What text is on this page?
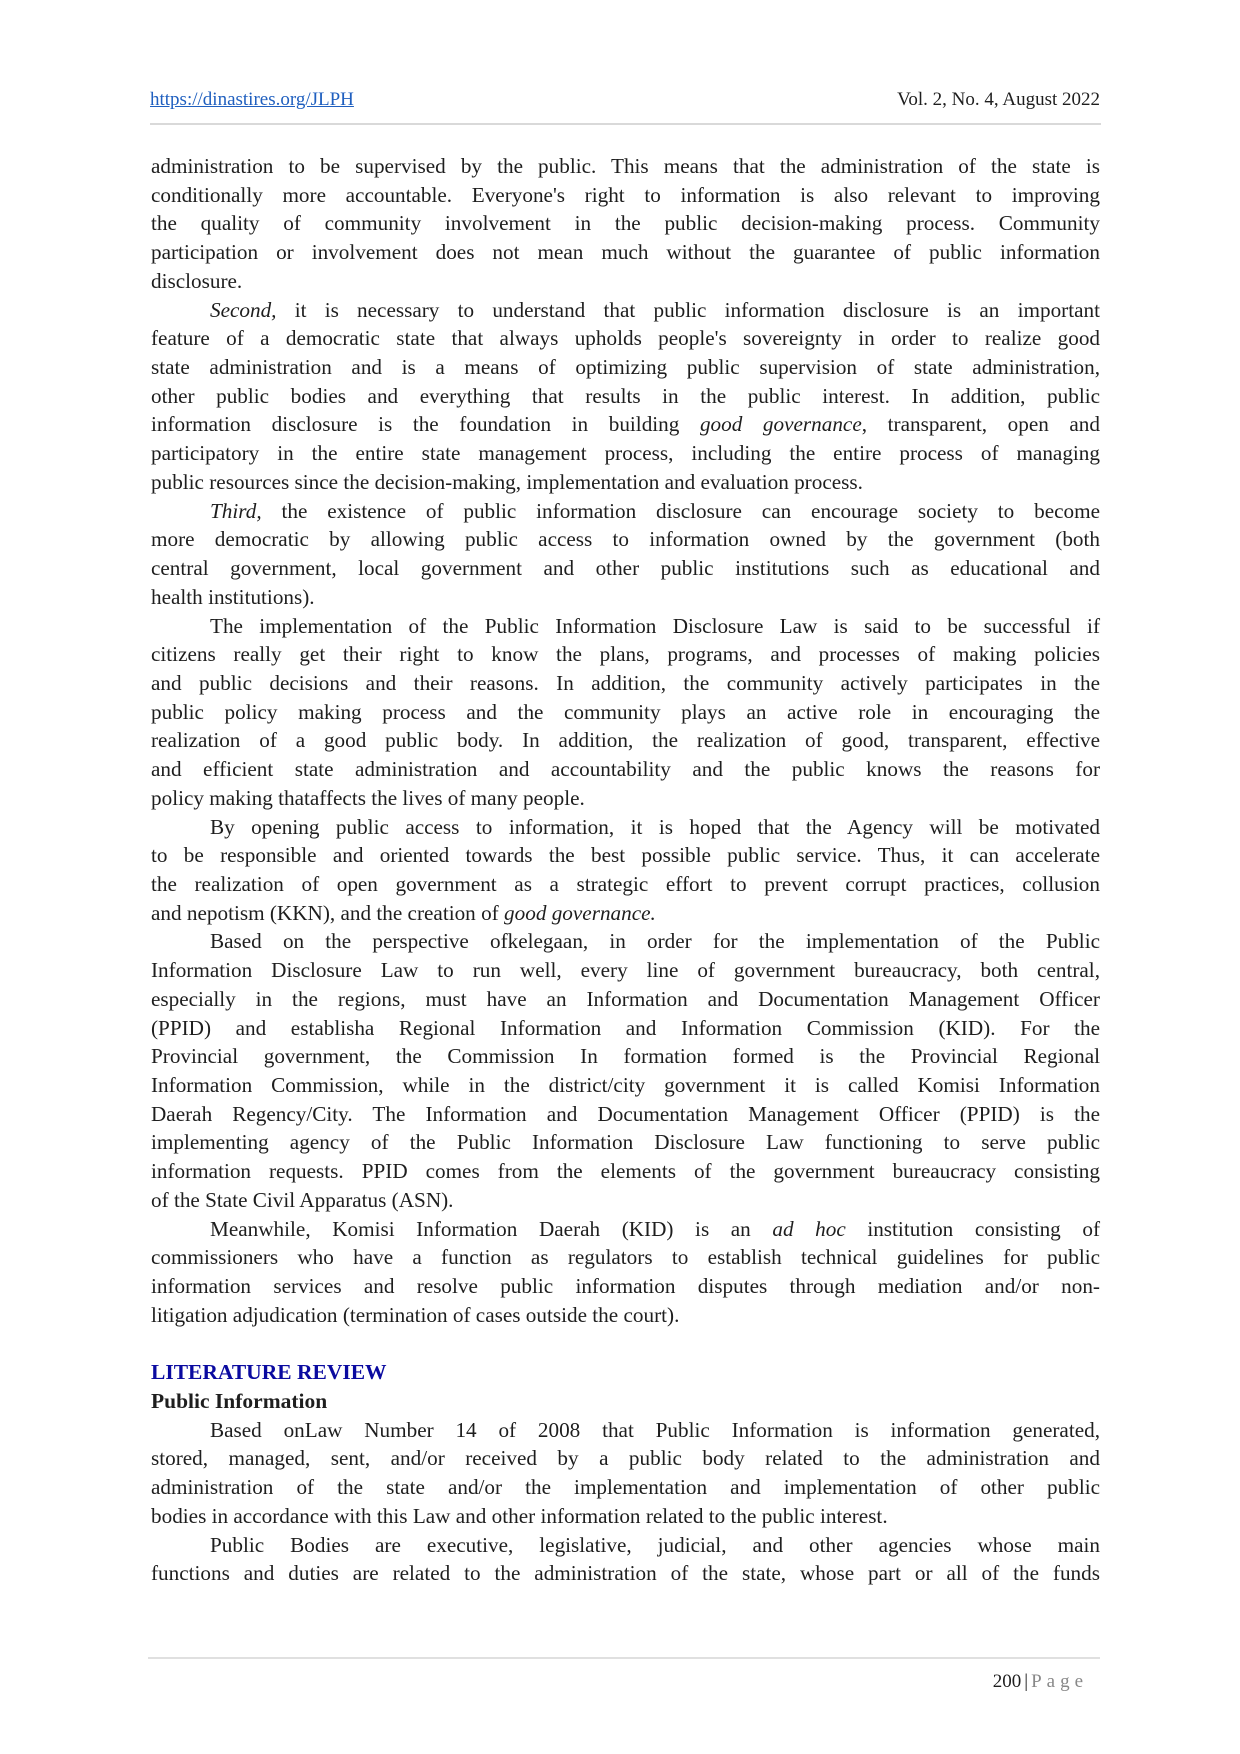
https://dinastires.org/JLPH	Vol. 2, No. 4, August 2022
administration to be supervised by the public. This means that the administration of the state is
conditionally more accountable. Everyone's right to information is also relevant to improving
the quality of community involvement in the public decision-making process. Community
participation or involvement does not mean much without the guarantee of public information
disclosure.
Second, it is necessary to understand that public information disclosure is an important
feature of a democratic state that always upholds people's sovereignty in order to realize good
state administration and is a means of optimizing public supervision of state administration,
other public bodies and everything that results in the public interest. In addition, public
information disclosure is the foundation in building good governance, transparent, open and
participatory in the entire state management process, including the entire process of managing
public resources since the decision-making, implementation and evaluation process.
Third, the existence of public information disclosure can encourage society to become
more democratic by allowing public access to information owned by the government (both
central government, local government and other public institutions such as educational and
health institutions).
The implementation of the Public Information Disclosure Law is said to be successful if
citizens really get their right to know the plans, programs, and processes of making policies
and public decisions and their reasons. In addition, the community actively participates in the
public policy making process and the community plays an active role in encouraging the
realization of a good public body. In addition, the realization of good, transparent, effective
and efficient state administration and accountability and the public knows the reasons for
policy making thataffects the lives of many people.
By opening public access to information, it is hoped that the Agency will be motivated
to be responsible and oriented towards the best possible public service. Thus, it can accelerate
the realization of open government as a strategic effort to prevent corrupt practices, collusion
and nepotism (KKN), and the creation of good governance.
Based on the perspective ofkelegaan, in order for the implementation of the Public
Information Disclosure Law to run well, every line of government bureaucracy, both central,
especially in the regions, must have an Information and Documentation Management Officer
(PPID) and establisha Regional Information and Information Commission (KID). For the
Provincial government, the Commission In formation formed is the Provincial Regional
Information Commission, while in the district/city government it is called Komisi Information
Daerah Regency/City. The Information and Documentation Management Officer (PPID) is the
implementing agency of the Public Information Disclosure Law functioning to serve public
information requests. PPID comes from the elements of the government bureaucracy consisting
of the State Civil Apparatus (ASN).
Meanwhile, Komisi Information Daerah (KID) is an ad hoc institution consisting of
commissioners who have a function as regulators to establish technical guidelines for public
information services and resolve public information disputes through mediation and/or non-
litigation adjudication (termination of cases outside the court).
LITERATURE REVIEW
Public Information
Based onLaw Number 14 of 2008 that Public Information is information generated,
stored, managed, sent, and/or received by a public body related to the administration and
administration of the state and/or the implementation and implementation of other public
bodies in accordance with this Law and other information related to the public interest.
Public Bodies are executive, legislative, judicial, and other agencies whose main
functions and duties are related to the administration of the state, whose part or all of the funds
200 | Page
